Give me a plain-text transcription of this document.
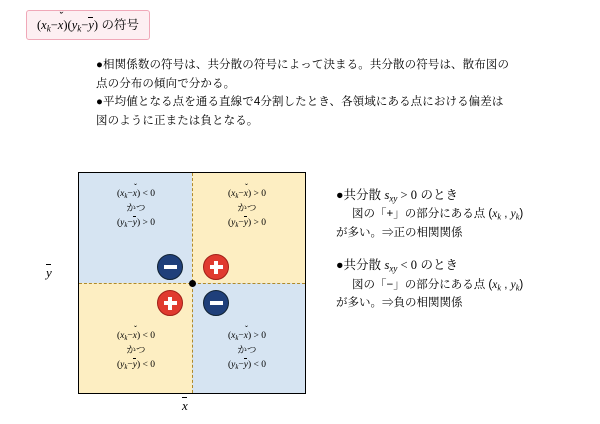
($x_k-x$ $ˇ)(y_k-y)$ の符号

●相関係数の符号は、共分散の符号によって決まる。共分散の符号は、散布図の

点の分布の傾向で分かる。

●平均値となる点を通る直線で4分割したとき、各領域にある点における偏差は

図のように正または負となる。

($x_k-x$ ˇ) < 0
かつ
$(y_k-y) > 0$
($x_k-x$ ˇ) > 0
かつ
$(y_k-y) > 0$
($x_k-x$ ˇ) < 0
かつ
$(y_k-y) < 0$
($x_k-x$ ˇ) > 0
かつ
$(y_k-y) < 0$
y
x
●共分散 $s_{xy} > 0$ のとき
図の「+」の部分にある点 ($x_k$ , $y_k$)
が多い。⇒正の相関関係
●共分散 $s_{xy} < 0$ のとき
図の「−」の部分にある点 ($x_k$ , $y_k$)
が多い。⇒負の相関関係
